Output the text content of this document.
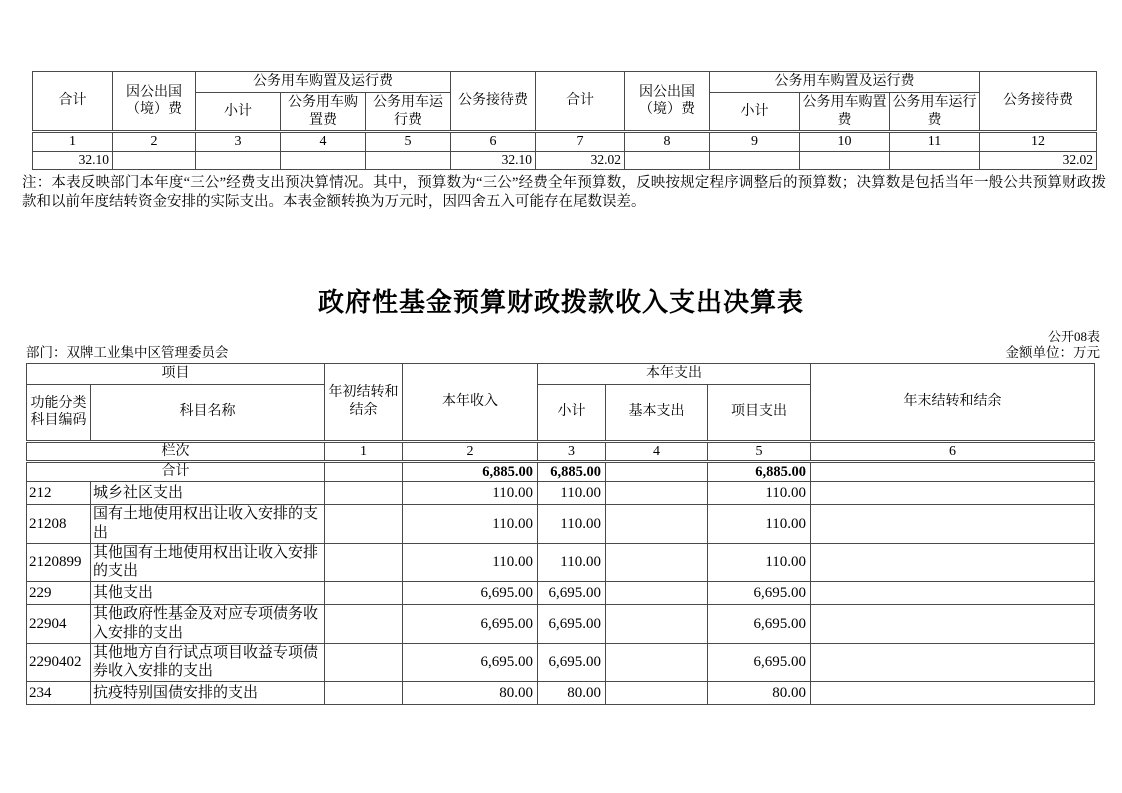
合计	因公出国（境）费	公务用车购置及运行费			公务接待费	合计	因公出国（境）费	公务用车购置及运行费			公务接待费
		小计	公务用车购置费	公务用车运行费				小计	公务用车购置费	公务用车运行费	
1	2	3	4	5	6	7	8	9	10	11	12
32.10					32.10	32.02					32.02
注：本表反映部门本年度“三公”经费支出预决算情况。其中，预算数为“三公”经费全年预算数，反映按规定程序调整后的预算数；决算数是包括当年一般公共预算财政拨款和以前年度结转资金安排的实际支出。本表金额转换为万元时，因四舍五入可能存在尾数误差。
政府性基金预算财政拨款收入支出决算表
公开08表
部门：双牌工业集中区管理委员会	金额单位：万元
项目		年初结转和结余	本年收入	本年支出			年末结转和结余
功能分类科目编码	科目名称			小计	基本支出	项目支出	
栏次		1	2	3	4	5	6
合计			6,885.00	6,885.00		6,885.00	
212	城乡社区支出		110.00	110.00		110.00	
21208	国有土地使用权出让收入安排的支出		110.00	110.00		110.00	
2120899	其他国有土地使用权出让收入安排的支出		110.00	110.00		110.00	
229	其他支出		6,695.00	6,695.00		6,695.00	
22904	其他政府性基金及对应专项债务收入安排的支出		6,695.00	6,695.00		6,695.00	
2290402	其他地方自行试点项目收益专项债券收入安排的支出		6,695.00	6,695.00		6,695.00	
234	抗疫特别国债安排的支出		80.00	80.00		80.00	
